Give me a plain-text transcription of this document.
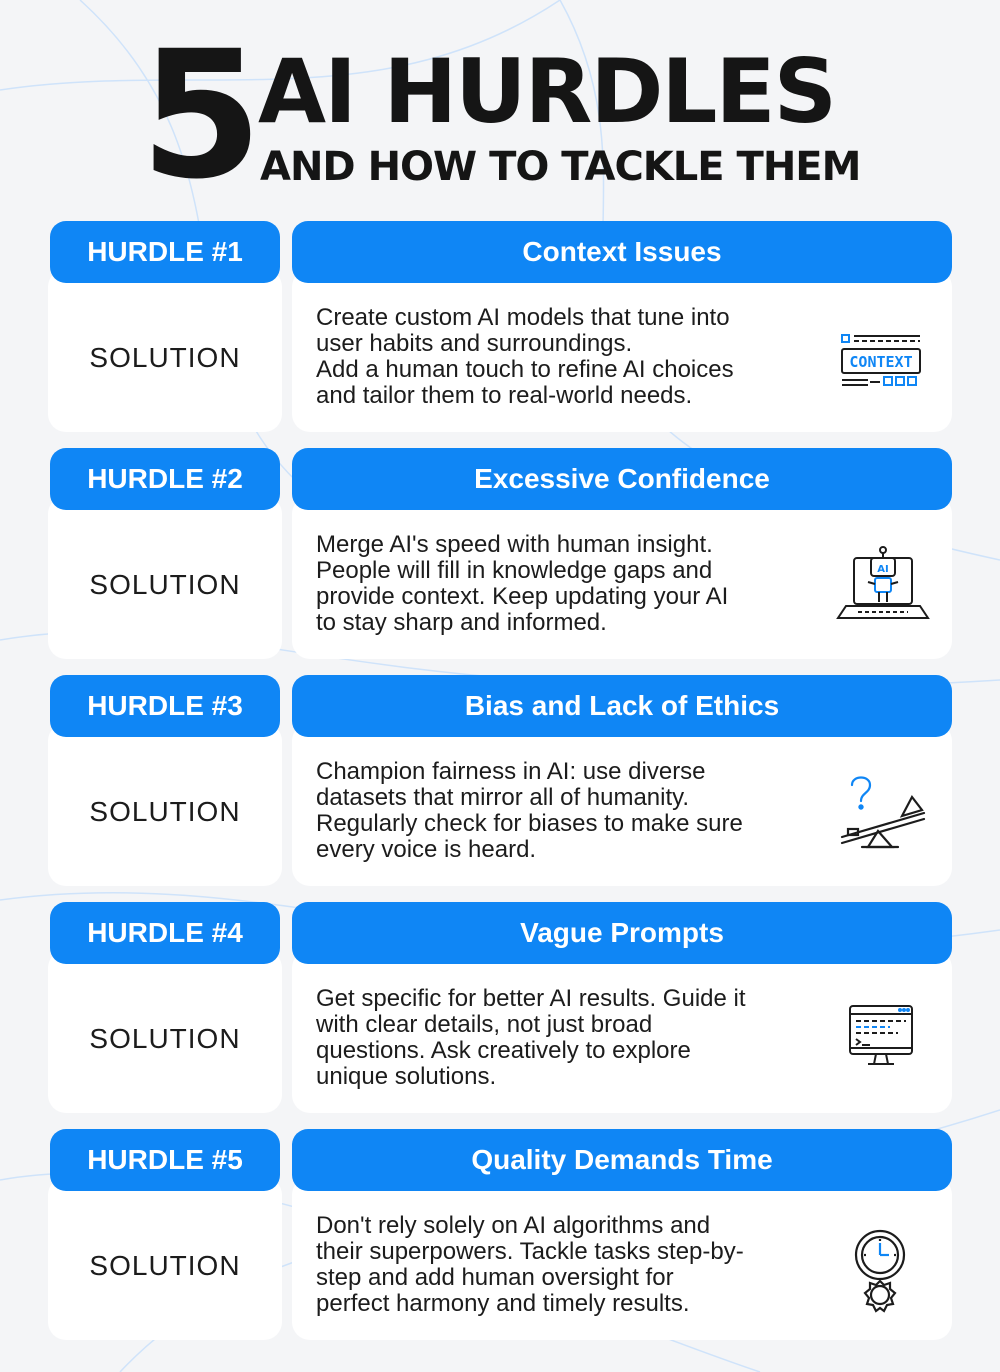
5 AI HURDLES
AND HOW TO TACKLE THEM
HURDLE #1	Context Issues
SOLUTION

Create custom AI models that tune into

user habits and surroundings.

Add a human touch to refine AI choices

and tailor them to real-world needs.

CONTEXT
HURDLE #2	Excessive Confidence
SOLUTION

Merge AI's speed with human insight.

People will fill in knowledge gaps and

provide context. Keep updating your AI

to stay sharp and informed.

AI
HURDLE #3	Bias and Lack of Ethics
SOLUTION

Champion fairness in AI: use diverse

datasets that mirror all of humanity.

Regularly check for biases to make sure

every voice is heard.

HURDLE #4	Vague Prompts
SOLUTION

Get specific for better AI results. Guide it

with clear details, not just broad

questions. Ask creatively to explore

unique solutions.

HURDLE #5	Quality Demands Time
SOLUTION

Don't rely solely on AI algorithms and

their superpowers. Tackle tasks step-by-

step and add human oversight for

perfect harmony and timely results.
